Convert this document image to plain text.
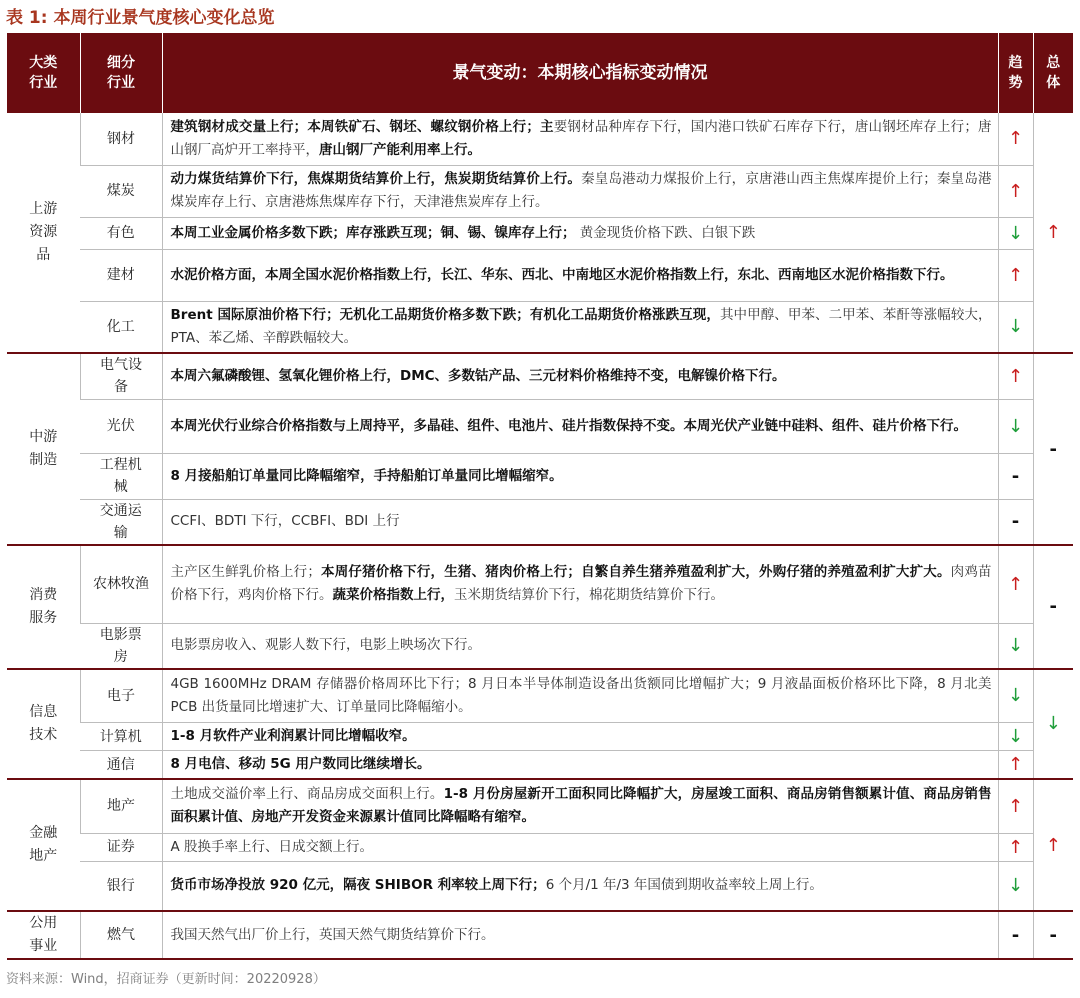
表 1: 本周行业景气度核心变化总览
大类行业	细分行业	景气变动：本期核心指标变动情况	趋势	总体
上游资源品	钢材	建筑钢材成交量上行；本周铁矿石、钢坯、螺纹钢价格上行；主要钢材品种库存下行，国内港口铁矿石库存下行，唐山钢坯库存上行；唐山钢厂高炉开工率持平，唐山钢厂产能利用率上行。	↑	↑
	煤炭	动力煤货结算价下行，焦煤期货结算价上行，焦炭期货结算价上行。秦皇岛港动力煤报价上行，京唐港山西主焦煤库提价上行；秦皇岛港煤炭库存上行、京唐港炼焦煤库存下行，天津港焦炭库存上行。	↑	
	有色	本周工业金属价格多数下跌；库存涨跌互现；铜、锡、镍库存上行； 黄金现货价格下跌、白银下跌	↓	
	建材	水泥价格方面，本周全国水泥价格指数上行，长江、华东、西北、中南地区水泥价格指数上行，东北、西南地区水泥价格指数下行。	↑	
	化工	Brent 国际原油价格下行；无机化工品期货价格多数下跌；有机化工品期货价格涨跌互现，其中甲醇、甲苯、二甲苯、苯酐等涨幅较大，PTA、苯乙烯、辛醇跌幅较大。	↓	
中游制造	电气设备	本周六氟磷酸锂、氢氧化锂价格上行，DMC、多数钴产品、三元材料价格维持不变，电解镍价格下行。	↑	-
	光伏	本周光伏行业综合价格指数与上周持平，多晶硅、组件、电池片、硅片指数保持不变。本周光伏产业链中硅料、组件、硅片价格下行。	↓	
	工程机械	8 月接船舶订单量同比降幅缩窄，手持船舶订单量同比增幅缩窄。	-	
	交通运输	CCFI、BDTI 下行，CCBFI、BDI 上行	-	
消费服务	农林牧渔	主产区生鲜乳价格上行；本周仔猪价格下行，生猪、猪肉价格上行；自繁自养生猪养殖盈利扩大，外购仔猪的养殖盈利扩大扩大。肉鸡苗价格下行，鸡肉价格下行。蔬菜价格指数上行，玉米期货结算价下行，棉花期货结算价下行。	↑	-
	电影票房	电影票房收入、观影人数下行，电影上映场次下行。	↓	
信息技术	电子	4GB 1600MHz DRAM 存储器价格周环比下行；8 月日本半导体制造设备出货额同比增幅扩大；9 月液晶面板价格环比下降，8 月北美 PCB 出货量同比增速扩大、订单量同比降幅缩小。	↓	↓
	计算机	1-8 月软件产业利润累计同比增幅收窄。	↓	
	通信	8 月电信、移动 5G 用户数同比继续增长。	↑	
金融地产	地产	土地成交溢价率上行、商品房成交面积上行。1-8 月份房屋新开工面积同比降幅扩大，房屋竣工面积、商品房销售额累计值、商品房销售面积累计值、房地产开发资金来源累计值同比降幅略有缩窄。	↑	↑
	证券	A 股换手率上行、日成交额上行。	↑	
	银行	货币市场净投放 920 亿元，隔夜 SHIBOR 利率较上周下行；6 个月/1 年/3 年国债到期收益率较上周上行。	↓	
公用事业	燃气	我国天然气出厂价上行，英国天然气期货结算价下行。	-	-
资料来源：Wind，招商证券（更新时间：20220928）
